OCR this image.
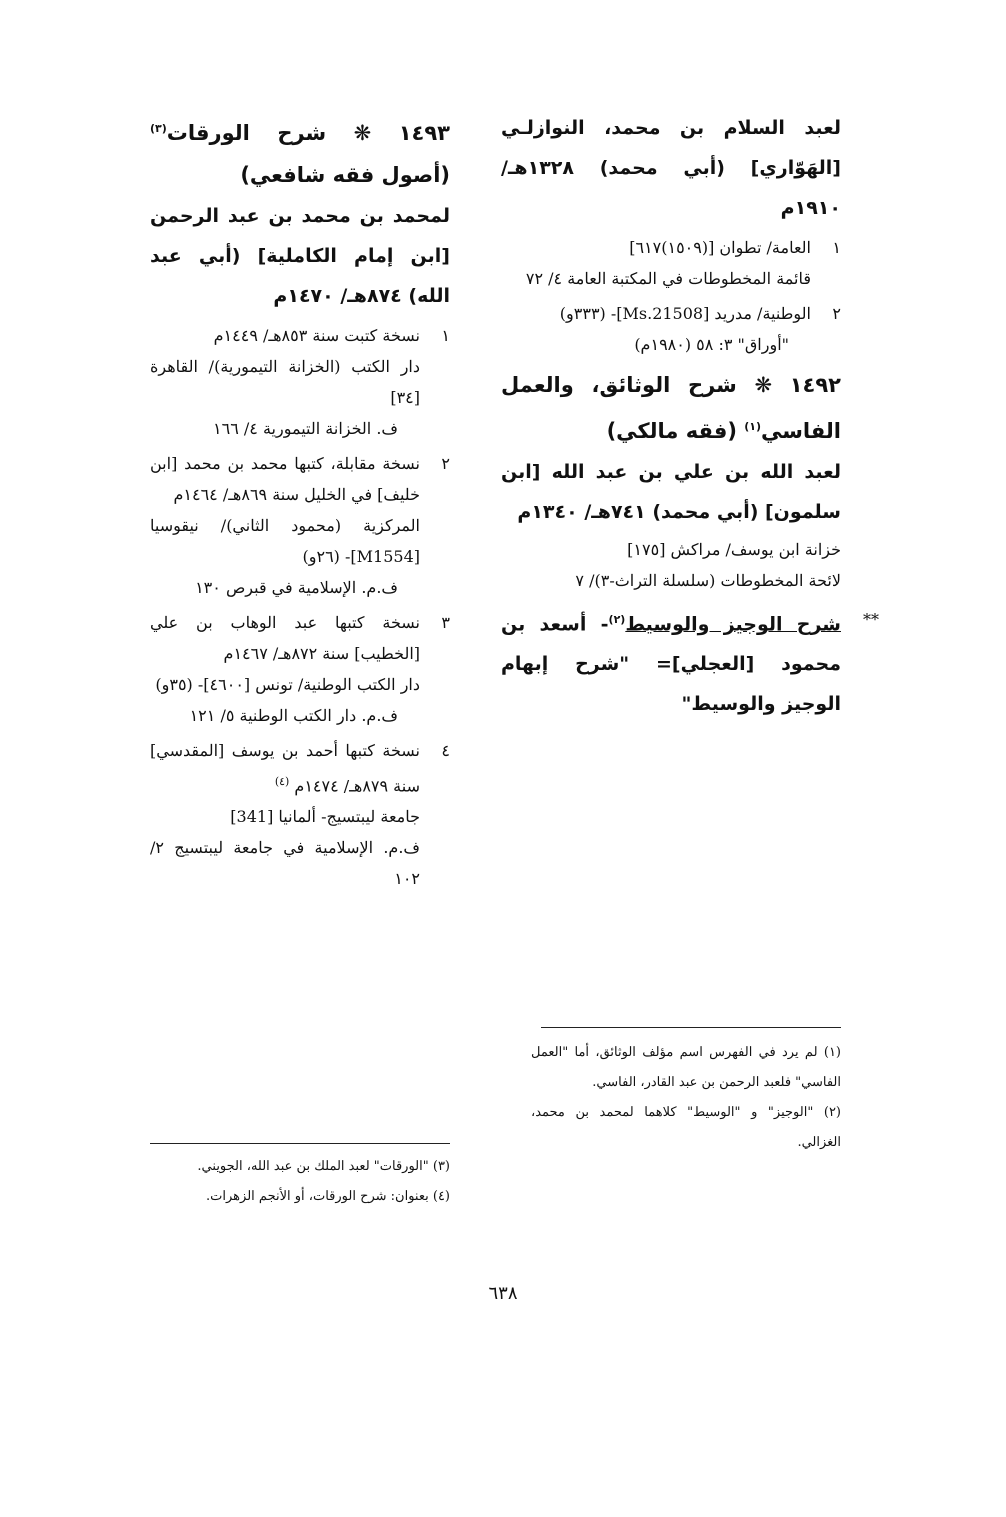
لعبد السلام بن محمد، النوازلـي [الهَوّاري] (أبي محمد) ١٣٢٨هـ/ ١٩١٠م

١

العامة/ تطوان [(١٥٠٩)٦١٧]

قائمة المخطوطات في المكتبة العامة ٤/ ٧٢

٢

الوطنية/ مدريد [Ms.21508]- (٣٣٣و)

"أوراق" ٣: ٥٨ (١٩٨٠م)

١٤٩٢ ❋ شرح الوثائق، والعمل الفاسي$^{(١)}$ (فقه مالكي)

لعبد الله بن علي بن عبد الله [ابن سلمون] (أبي محمد) ٧٤١هـ/ ١٣٤٠م

خزانة ابن يوسف/ مراكش [١٧٥]

لائحة المخطوطات (سلسلة التراث-٣)/ ٧

**

شرح الوجيز والوسيط$^{(٢)}$- أسعد بن محمود [العجلي]= "شرح إبهام الوجيز والوسيط"

١٤٩٣ ❋ شرح الورقات$^{(٣)}$ (أصول فقه شافعي)

لمحمد بن محمد بن عبد الرحمن [ابن إمام الكاملية] (أبي عبد الله) ٨٧٤هـ/ ١٤٧٠م

١

نسخة كتبت سنة ٨٥٣هـ/ ١٤٤٩م

دار الكتب (الخزانة التيمورية)/ القاهرة [٣٤]

ف. الخزانة التيمورية ٤/ ١٦٦

٢

نسخة مقابلة، كتبها محمد بن محمد [ابن خليف] في الخليل سنة ٨٦٩هـ/ ١٤٦٤م

المركزية (محمود الثاني)/ نيقوسيا [M1554]- (٢٦و)

ف.م. الإسلامية في قبرص ١٣٠

٣

نسخة كتبها عبد الوهاب بن علي [الخطيب] سنة ٨٧٢هـ/ ١٤٦٧م

دار الكتب الوطنية/ تونس [٤٦٠٠]- (٣٥و)

ف.م. دار الكتب الوطنية ٥/ ١٢١

٤

نسخة كتبها أحمد بن يوسف [المقدسي] سنة ٨٧٩هـ/ ١٤٧٤م $^{(٤)}$

جامعة ليبتسيج- ألمانيا [341]

ف.م. الإسلامية في جامعة ليبتسيج ٢/ ١٠٢

(١) لم يرد في الفهرس اسم مؤلف الوثائق، أما "العمل الفاسي" فلعبد الرحمن بن عبد القادر، الفاسي.

(٢) "الوجيز" و "الوسيط" كلاهما لمحمد بن محمد، الغزالي.

(٣) "الورقات" لعبد الملك بن عبد الله، الجويني.

(٤) بعنوان: شرح الورقات، أو الأنجم الزهرات.

٦٣٨
